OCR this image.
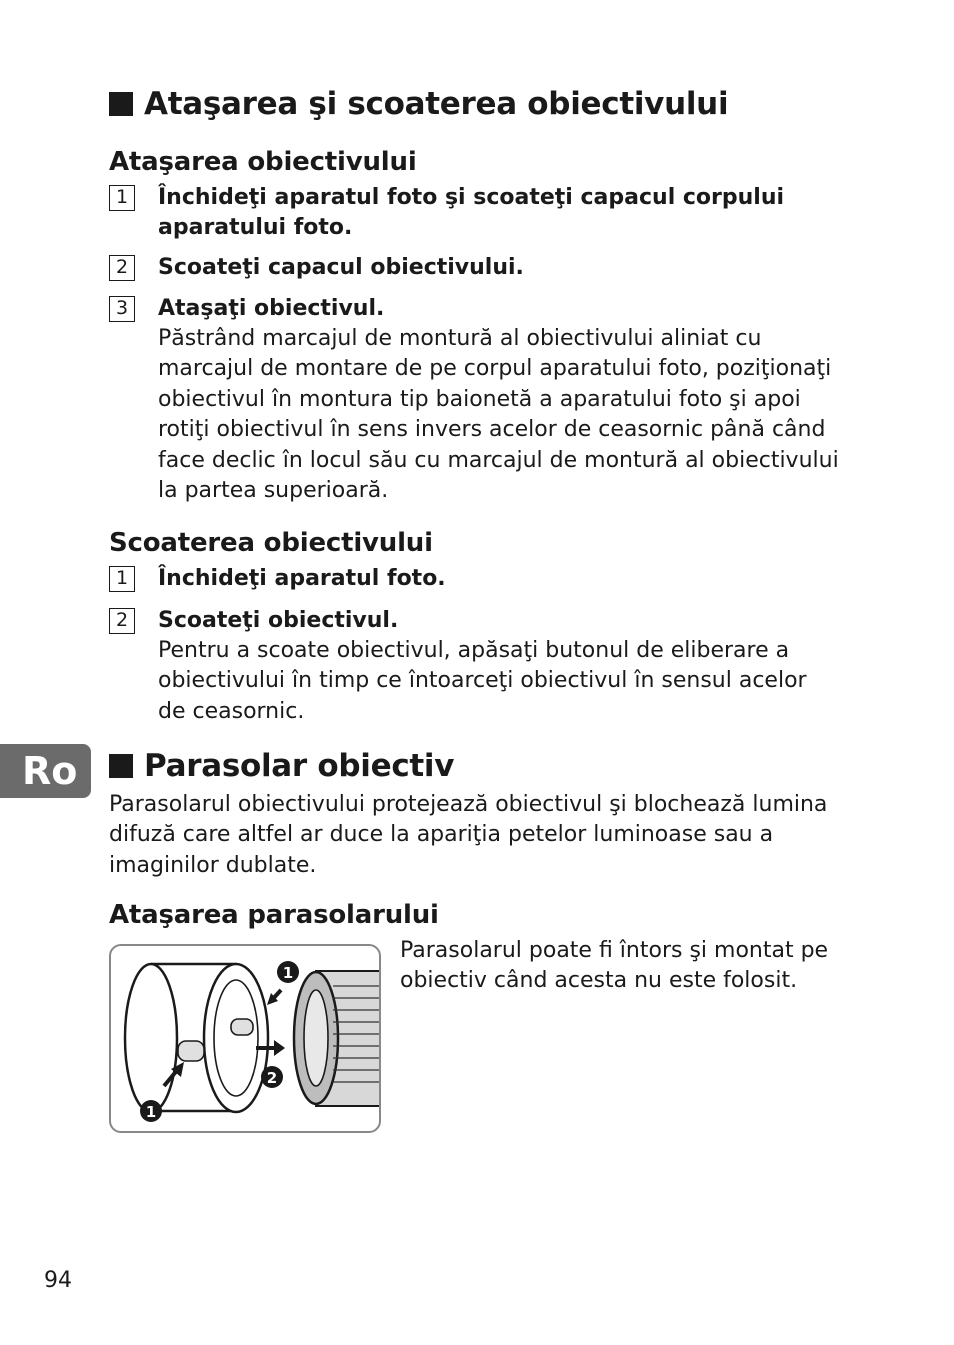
Ataşarea şi scoaterea obiectivului
Ataşarea obiectivului
1	Închideţi aparatul foto şi scoateţi capacul corpului
aparatului foto.
2	Scoateţi capacul obiectivului.
3	Ataşaţi obiectivul.
Păstrând marcajul de montură al obiectivului aliniat cu
marcajul de montare de pe corpul aparatului foto, poziţionaţi
obiectivul în montura tip baionetă a aparatului foto şi apoi
rotiţi obiectivul în sens invers acelor de ceasornic până când
face declic în locul său cu marcajul de montură al obiectivului
la partea superioară.
Scoaterea obiectivului
1	Închideţi aparatul foto.
2	Scoateţi obiectivul.
Pentru a scoate obiectivul, apăsaţi butonul de eliberare a
obiectivului în timp ce întoarceţi obiectivul în sensul acelor
de ceasornic.
Ro Parasolar obiectiv
Parasolarul obiectivului protejează obiectivul şi blochează lumina
difuză care altfel ar duce la apariţia petelor luminoase sau a
imaginilor dublate.
Ataşarea parasolarului
1
1
2
Parasolarul poate fi întors şi montat pe
obiectiv când acesta nu este folosit.
94
